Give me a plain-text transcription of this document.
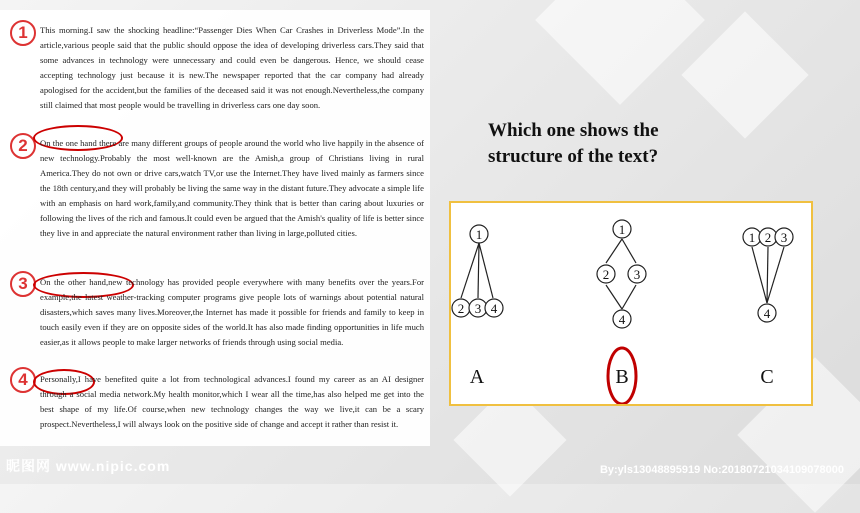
1	This morning.I saw the shocking headline:“Passenger Dies When Car Crashes in Driverless Mode”.In the article,various people said that the public should oppose the idea of developing driverless cars.They said that some advances in technology were unnecessary and could even be dangerous. Hence, we should cease accepting technology just because it is new.The newspaper reported that the car company had already apologised for the accident,but the families of the deceased said it was not enough.Nevertheless,the company still claimed that most people would be travelling in driverless cars one day soon.
2	On the one hand there are many different groups of people around the world who live happily in the absence of new technology.Probably the most well-known are the Amish,a group of Christians living in rural America.They do not own or drive cars,watch TV,or use the Internet.They have lived mainly as farmers since the 18th century,and they will probably be living the same way in the distant future.They advocate a simple life with an emphasis on hard work,family,and community.They think that is better than caring about luxuries or following the lives of the rich and famous.It could even be argued that the Amish's quality of life is better since they live in and appreciate the natural environment rather than living in large,polluted cities.
3	On the other hand,new technology has provided people everywhere with many benefits over the years.For example,the latest weather-tracking computer programs give people lots of warnings about potential natural disasters,which saves many lives.Moreover,the Internet has made it possible for friends and family to keep in touch easily even if they are on opposite sides of the world.It has also made finding opportunities in life much easier,as it allows people to make larger networks of friends through using social media.
4	Personally,I have benefited quite a lot from technological advances.I found my career as an AI designer through a social media network.My health monitor,which I wear all the time,has also helped me get into the best shape of my life.Of course,when new technology changes the way we live,it can be a scary prospect.Nevertheless,I will always look on the positive side of change and accept it rather than resist it.
Which one shows the structure of the text?
1
2 3 4
1
2 3
4
1 2 3
4
A	B	C
昵图网 www.nipic.com	By:yls13048895919 No:20180721034109078000
